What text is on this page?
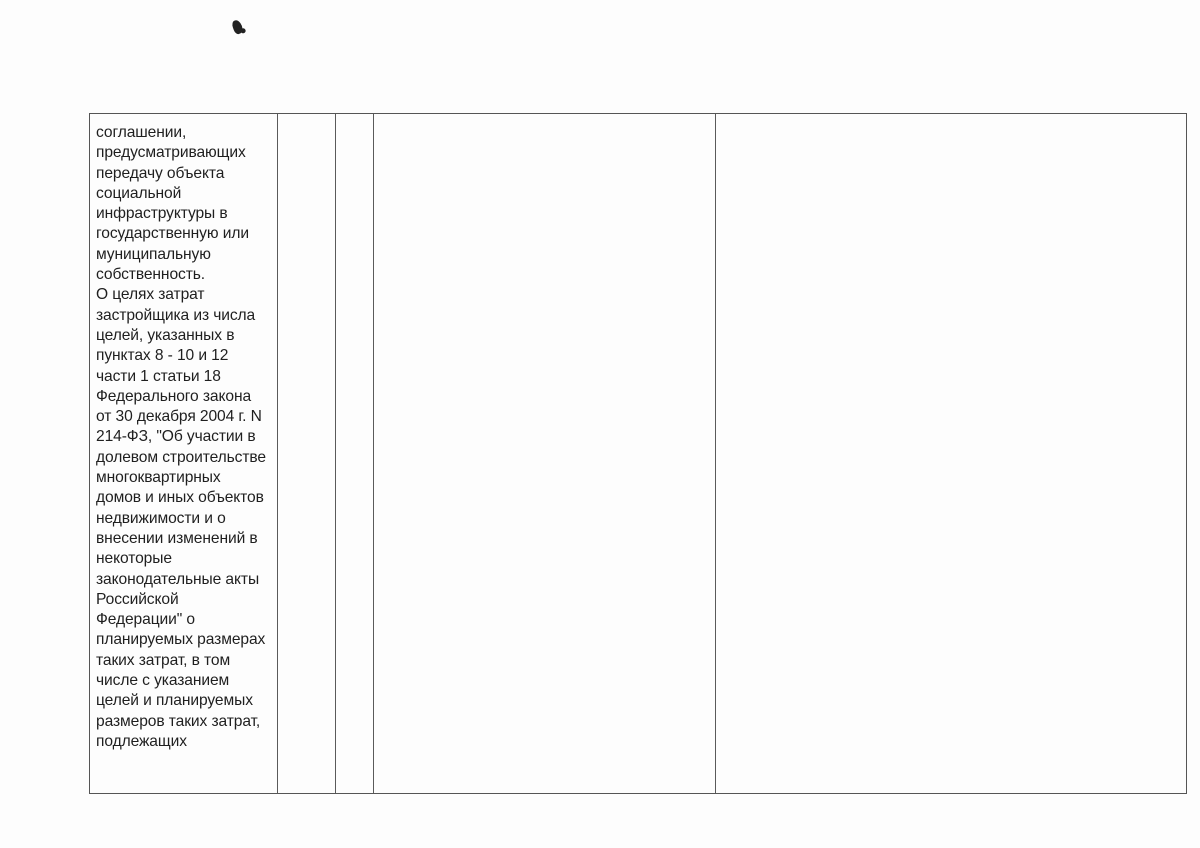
соглашении,
предусматривающих
передачу объекта
социальной
инфраструктуры в
государственную или
муниципальную
собственность.
О целях затрат
застройщика из числа
целей, указанных в
пунктах 8 - 10 и 12
части 1 статьи 18
Федерального закона
от 30 декабря 2004 г. N
214-ФЗ, "Об участии в
долевом строительстве
многоквартирных
домов и иных объектов
недвижимости и о
внесении изменений в
некоторые
законодательные акты
Российской
Федерации" о
планируемых размерах
таких затрат, в том
числе с указанием
целей и планируемых
размеров таких затрат,
подлежащих
